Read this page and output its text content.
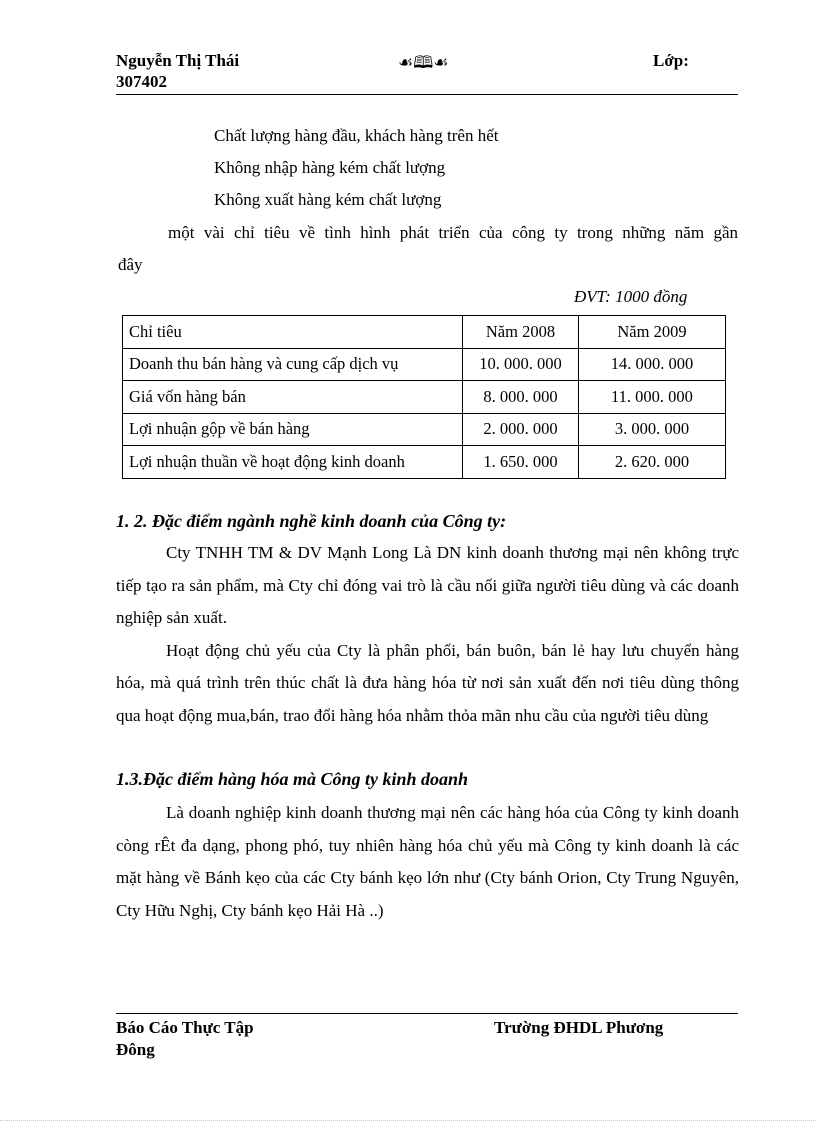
Nguyễn Thị Thái
307402
☙🕮☙	Lớp:
Chất lượng hàng đầu, khách hàng trên hết
Không nhập hàng kém chất lượng
Không xuất hàng kém chất lượng
một vài chỉ tiêu về tình hình phát triển của công ty trong những năm gần
đây
ĐVT: 1000 đồng
Chỉ tiêu	Năm 2008	Năm 2009
Doanh thu bán hàng và cung cấp dịch vụ	10. 000. 000	14. 000. 000
Giá vốn hàng bán	8. 000. 000	11. 000. 000
Lợi nhuận gộp về bán hàng	2. 000. 000	3. 000. 000
Lợi nhuận thuần về hoạt động kinh doanh	1. 650. 000	2. 620. 000
1. 2. Đặc điểm ngành nghề kinh doanh của Công ty:

Cty TNHH TM & DV Mạnh Long Là DN kinh doanh thương mại nên không trực tiếp tạo ra sản phẩm, mà Cty chỉ đóng vai trò là cầu nối giữa người tiêu dùng và các doanh nghiệp sản xuất.

Hoạt động chủ yếu của Cty là phân phối, bán buôn, bán lẻ hay lưu chuyển hàng hóa, mà quá trình trên thúc chất là đưa hàng hóa từ nơi sản xuất đến nơi tiêu dùng thông qua hoạt động mua,bán, trao đổi hàng hóa nhằm thỏa mãn nhu cầu của người tiêu dùng

1.3.Đặc điểm hàng hóa mà Công ty kinh doanh

Là doanh nghiệp kinh doanh thương mại nên các hàng hóa của Công ty kinh doanh còng rÊt đa dạng, phong phó, tuy nhiên hàng hóa chủ yếu mà Công ty kinh doanh là các mặt hàng về Bánh kẹo của các Cty bánh kẹo lớn như (Cty bánh Orion, Cty Trung Nguyên, Cty Hữu Nghị, Cty bánh kẹo Hải Hà ..)

Báo Cáo Thực Tập
Đông
Trường ĐHDL Phương
